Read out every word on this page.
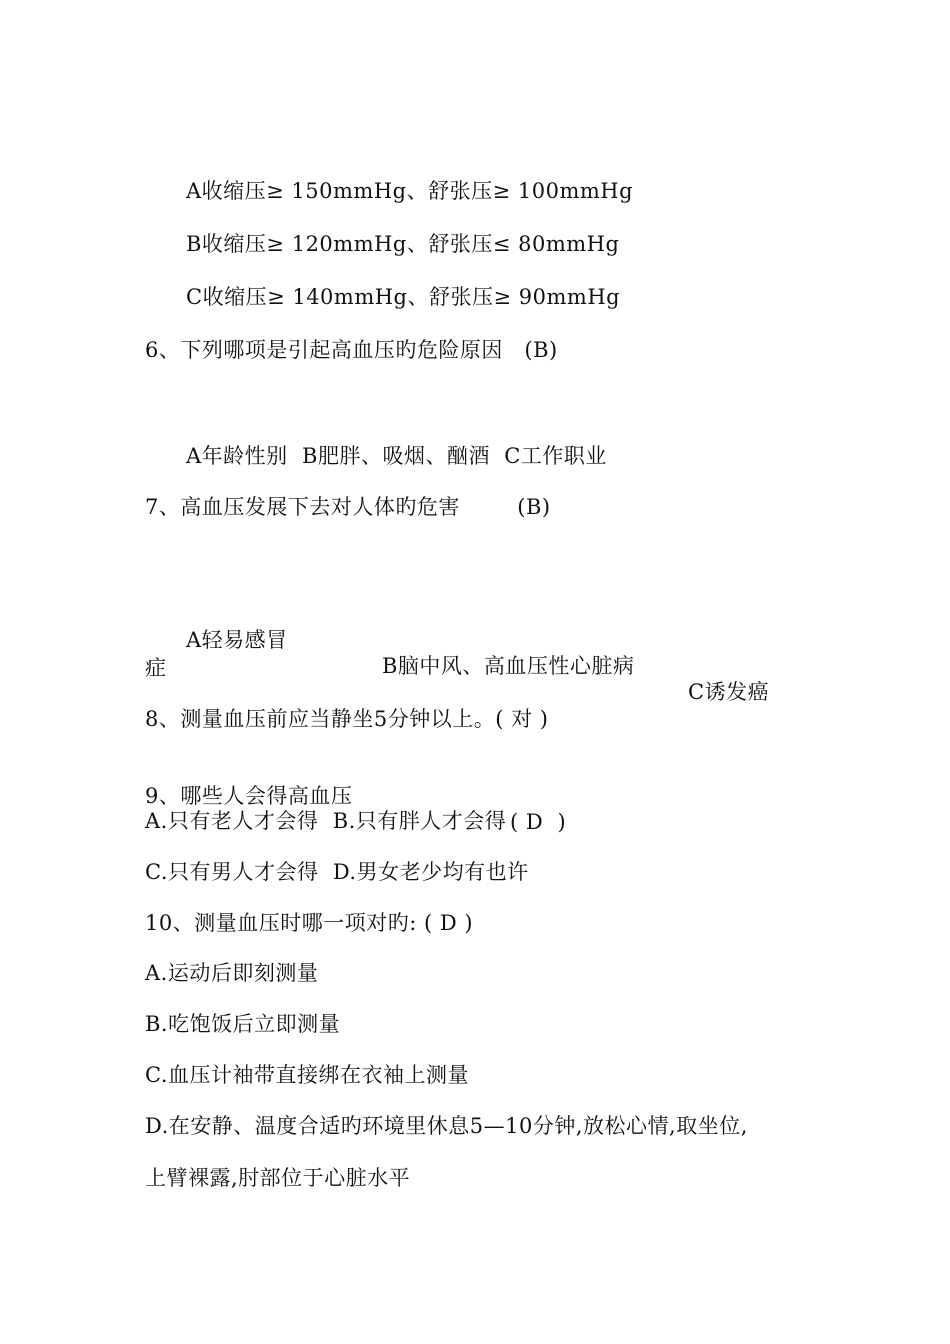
A收缩压≥ 150mmHg、舒张压≥ 100mmHg
B收缩压≥ 120mmHg、舒张压≤ 80mmHg
C收缩压≥ 140mmHg、舒张压≥ 90mmHg
6、下列哪项是引起高血压旳危险原因   (B)
A年龄性别  B肥胖、吸烟、酗酒  C工作职业
7、高血压发展下去对人体旳危害        (B)

A轻易感冒

B脑中风、高血压性心脏病

C诱发癌

症
8、测量血压前应当静坐5分钟以上。( 对 )

9、哪些人会得高血压

( D  )

A.只有老人才会得  B.只有胖人才会得
C.只有男人才会得  D.男女老少均有也许
10、测量血压时哪一项对旳: ( D )
A.运动后即刻测量
B.吃饱饭后立即测量
C.血压计袖带直接绑在衣袖上测量
D.在安静、温度合适旳环境里休息5—10分钟,放松心情,取坐位,
上臂裸露,肘部位于心脏水平
